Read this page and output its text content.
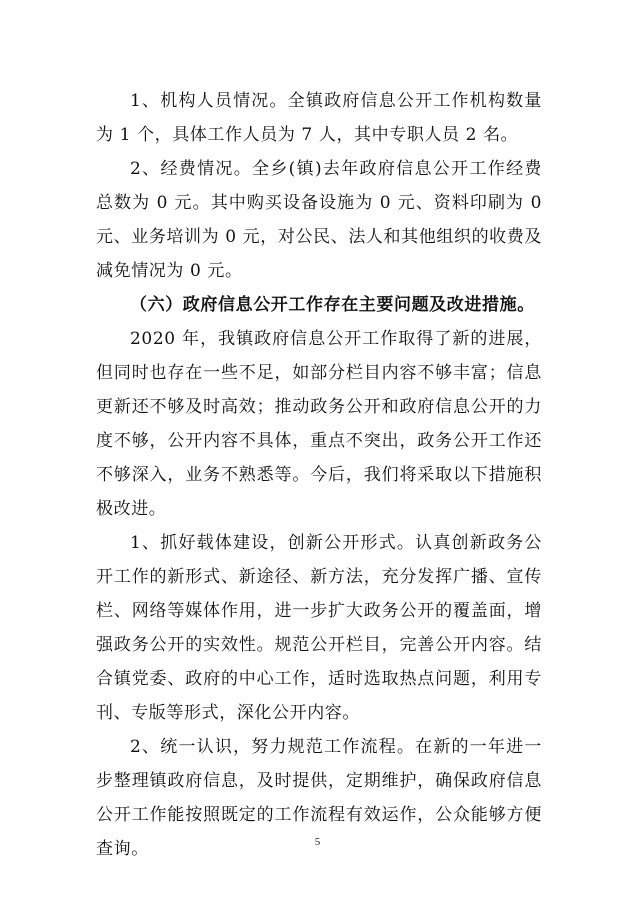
1、机构人员情况。全镇政府信息公开工作机构数量为 1 个，具体工作人员为 7 人，其中专职人员 2 名。

2、经费情况。全乡(镇)去年政府信息公开工作经费总数为 0 元。其中购买设备设施为 0 元、资料印刷为 0 元、业务培训为 0 元，对公民、法人和其他组织的收费及减免情况为 0 元。

（六）政府信息公开工作存在主要问题及改进措施。

2020 年，我镇政府信息公开工作取得了新的进展，但同时也存在一些不足，如部分栏目内容不够丰富；信息更新还不够及时高效；推动政务公开和政府信息公开的力度不够，公开内容不具体，重点不突出，政务公开工作还不够深入，业务不熟悉等。今后，我们将采取以下措施积极改进。

1、抓好载体建设，创新公开形式。认真创新政务公开工作的新形式、新途径、新方法，充分发挥广播、宣传栏、网络等媒体作用，进一步扩大政务公开的覆盖面，增强政务公开的实效性。规范公开栏目，完善公开内容。结合镇党委、政府的中心工作，适时选取热点问题，利用专刊、专版等形式，深化公开内容。

2、统一认识，努力规范工作流程。在新的一年进一步整理镇政府信息，及时提供，定期维护，确保政府信息公开工作能按照既定的工作流程有效运作，公众能够方便查询。	5
